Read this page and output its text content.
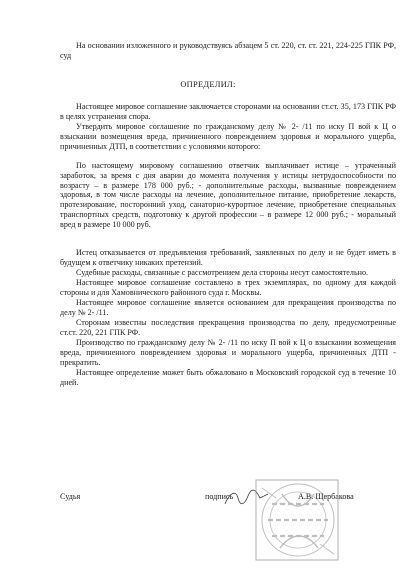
На основании изложенного и руководствуясь абзацем 5 ст. 220, ст. ст. 221, 224-225 ГПК РФ, суд

ОПРЕДЕЛИЛ:

Настоящее мировое соглашение заключается сторонами на основании ст.ст. 35, 173 ГПК РФ в целях устранения спора.

Утвердить мировое соглашение по гражданскому делу № 2- /11 по иску П вой к Ц о взыскании возмещения вреда, причиненного повреждением здоровья и морального ущерба, причиненных ДТП, в соответствии с условиями которого:

По настоящему мировому соглашению ответчик выплачивает истице – утраченный заработок, за время с дня аварии до момента получения у истицы нетрудоспособности по возрасту – в размере 178 000 руб.; - дополнительные расходы, вызванные повреждением здоровья, в том числе расходы на лечение, дополнительное питание, приобретение лекарств, протезирование, посторонний уход, санаторно-курортное лечение, приобретение специальных транспортных средств, подготовку к другой профессии – в размере 12 000 руб.; - моральный вред в размере 10 000 руб.

Истец отказывается от предъявления требований, заявленных по делу и не будет иметь в будущем к ответчику никаких претензий.

Судебные расходы, связанные с рассмотрением дела стороны несут самостоятельно.

Настоящее мировое соглашение составлено в трех экземплярах, по одному для каждой стороны и для Хамовнического районного суда г. Москвы.

Настоящее мировое соглашение является основанием для прекращения производства по делу № 2- /11.

Сторонам известны последствия прекращения производства по делу, предусмотренные ст.ст. 220, 221 ГПК РФ.

Производство по гражданскому делу № 2- /11 по иску П вой к Ц о взыскании возмещения вреда, причиненного повреждением здоровья и морального ущерба, причиненных ДТП - прекратить.

Настоящее определение может быть обжаловано в Московский городской суд в течение 10 дней.

Судья	подпись	А.В. Щербакова
